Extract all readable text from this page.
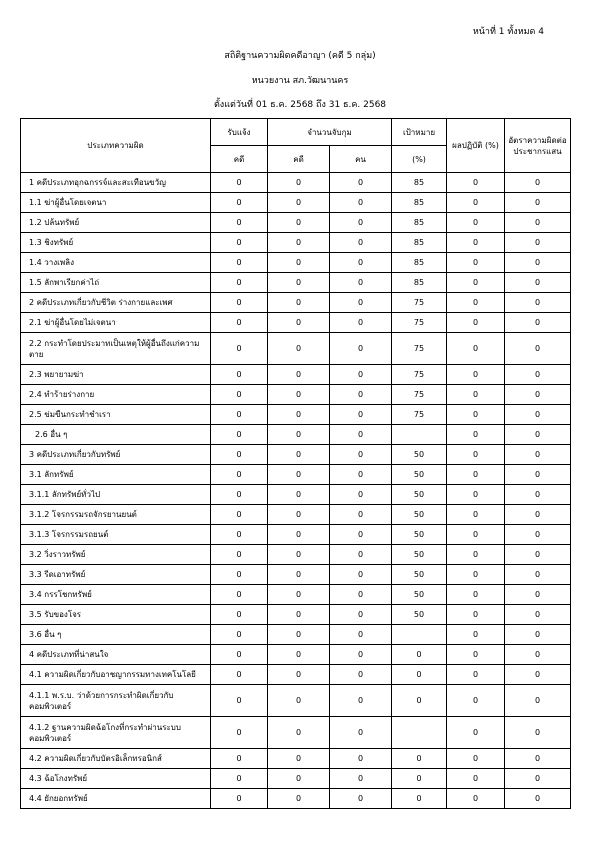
หน้าที่ 1 ทั้งหมด 4
สถิติฐานความผิดคดีอาญา (คดี 5 กลุ่ม)
หนวยงาน สภ.วัฒนานคร
ตั้งแต่วันที่ 01 ธ.ค. 2568 ถึง 31 ธ.ค. 2568
ประเภทความผิด	รับแจ้ง	จำนวนจับกุม		เป้าหมาย	ผลปฏิบัติ (%)	อัตราความผิดต่อ
ประชากรแสน
	คดี	คดี	คน	(%)		
1 คดีประเภทอุกฉกรรจ์และสะเทือนขวัญ	0	0	0	85	0	0
1.1 ฆ่าผู้อื่นโดยเจตนา	0	0	0	85	0	0
1.2 ปล้นทรัพย์	0	0	0	85	0	0
1.3 ชิงทรัพย์	0	0	0	85	0	0
1.4 วางเพลิง	0	0	0	85	0	0
1.5 ลักพาเรียกค่าไถ่	0	0	0	85	0	0
2 คดีประเภทเกี่ยวกับชีวิต ร่างกายและเพศ	0	0	0	75	0	0
2.1 ฆ่าผู้อื่นโดยไม่เจตนา	0	0	0	75	0	0
2.2 กระทำโดยประมาทเป็นเหตุให้ผู้อื่นถึงแก่ความตาย	0	0	0	75	0	0
2.3 พยายามฆ่า	0	0	0	75	0	0
2.4 ทำร้ายร่างกาย	0	0	0	75	0	0
2.5 ข่มขืนกระทำชำเรา	0	0	0	75	0	0
2.6 อื่น ๆ	0	0	0		0	0
3 คดีประเภทเกี่ยวกับทรัพย์	0	0	0	50	0	0
3.1 ลักทรัพย์	0	0	0	50	0	0
3.1.1 ลักทรัพย์ทั่วไป	0	0	0	50	0	0
3.1.2 โจรกรรมรถจักรยานยนต์	0	0	0	50	0	0
3.1.3 โจรกรรมรถยนต์	0	0	0	50	0	0
3.2 วิ่งราวทรัพย์	0	0	0	50	0	0
3.3 รีดเอาทรัพย์	0	0	0	50	0	0
3.4 กรรโชกทรัพย์	0	0	0	50	0	0
3.5 รับของโจร	0	0	0	50	0	0
3.6 อื่น ๆ	0	0	0		0	0
4 คดีประเภทที่น่าสนใจ	0	0	0	0	0	0
4.1 ความผิดเกี่ยวกับอาชญากรรมทางเทคโนโลยี	0	0	0	0	0	0
4.1.1 พ.ร.บ. ว่าด้วยการกระทำผิดเกี่ยวกับคอมพิวเตอร์	0	0	0	0	0	0
4.1.2 ฐานความผิดฉ้อโกงที่กระทำผ่านระบบคอมพิวเตอร์	0	0	0		0	0
4.2 ความผิดเกี่ยวกับบัตรอิเล็กทรอนิกส์	0	0	0	0	0	0
4.3 ฉ้อโกงทรัพย์	0	0	0	0	0	0
4.4 ยักยอกทรัพย์	0	0	0	0	0	0
